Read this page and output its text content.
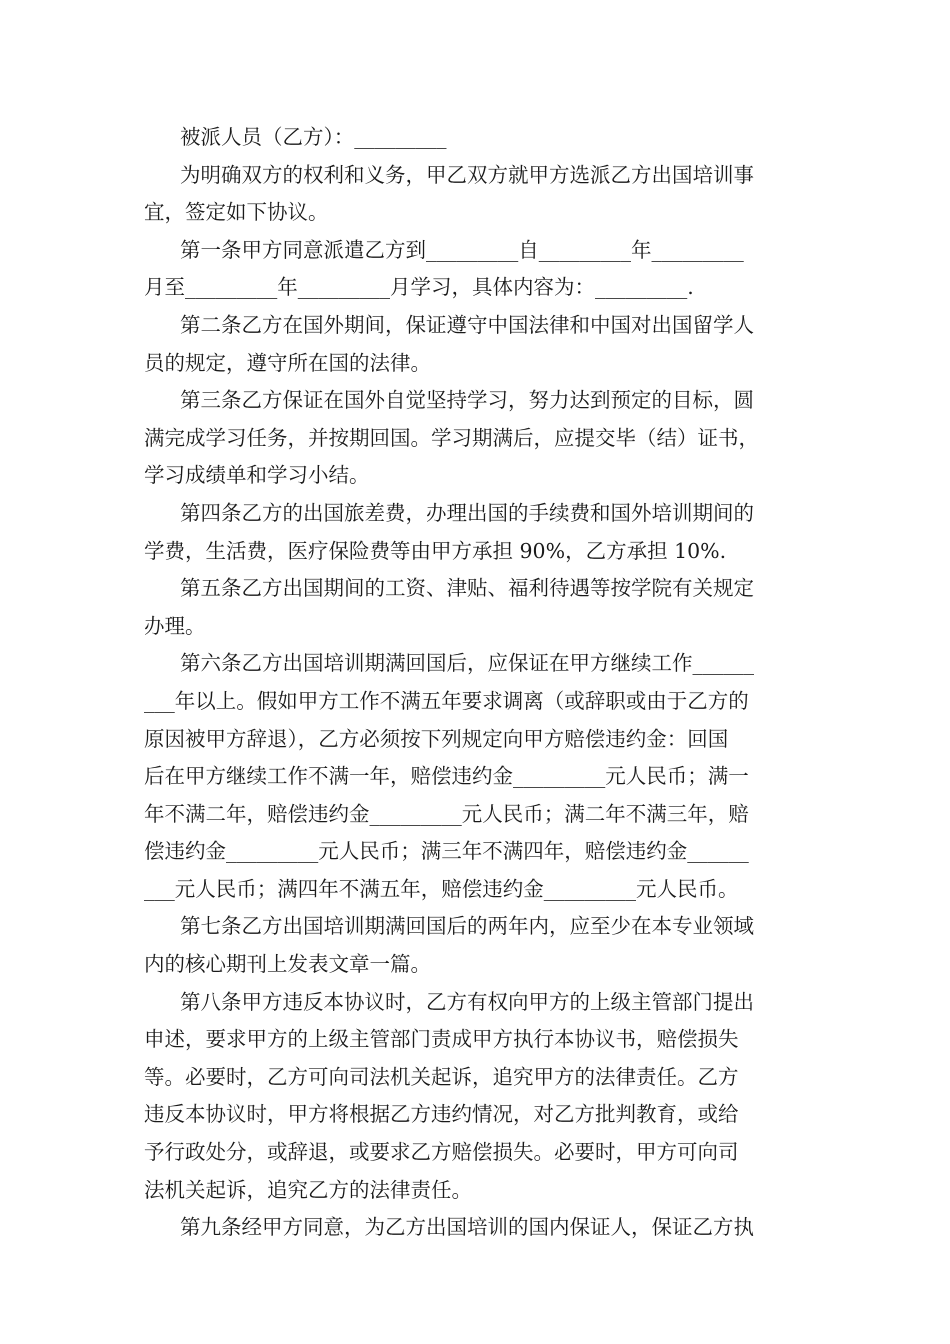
被派人员（乙方）：_________
为明确双方的权利和义务，甲乙双方就甲方选派乙方出国培训事
宜，签定如下协议。
第一条甲方同意派遣乙方到_________自_________年_________
月至_________年_________月学习，具体内容为：_________.
第二条乙方在国外期间，保证遵守中国法律和中国对出国留学人
员的规定，遵守所在国的法律。
第三条乙方保证在国外自觉坚持学习，努力达到预定的目标，圆
满完成学习任务，并按期回国。学习期满后，应提交毕（结）证书，
学习成绩单和学习小结。
第四条乙方的出国旅差费，办理出国的手续费和国外培训期间的
学费，生活费，医疗保险费等由甲方承担 90%，乙方承担 10%.
第五条乙方出国期间的工资、津贴、福利待遇等按学院有关规定
办理。
第六条乙方出国培训期满回国后，应保证在甲方继续工作______
___年以上。假如甲方工作不满五年要求调离（或辞职或由于乙方的
原因被甲方辞退），乙方必须按下列规定向甲方赔偿违约金：回国
后在甲方继续工作不满一年，赔偿违约金_________元人民币；满一
年不满二年，赔偿违约金_________元人民币；满二年不满三年，赔
偿违约金_________元人民币；满三年不满四年，赔偿违约金______
___元人民币；满四年不满五年，赔偿违约金_________元人民币。
第七条乙方出国培训期满回国后的两年内，应至少在本专业领域
内的核心期刊上发表文章一篇。
第八条甲方违反本协议时，乙方有权向甲方的上级主管部门提出
申述，要求甲方的上级主管部门责成甲方执行本协议书，赔偿损失
等。必要时，乙方可向司法机关起诉，追究甲方的法律责任。乙方
违反本协议时，甲方将根据乙方违约情况，对乙方批判教育，或给
予行政处分，或辞退，或要求乙方赔偿损失。必要时，甲方可向司
法机关起诉，追究乙方的法律责任。
第九条经甲方同意，为乙方出国培训的国内保证人，保证乙方执
